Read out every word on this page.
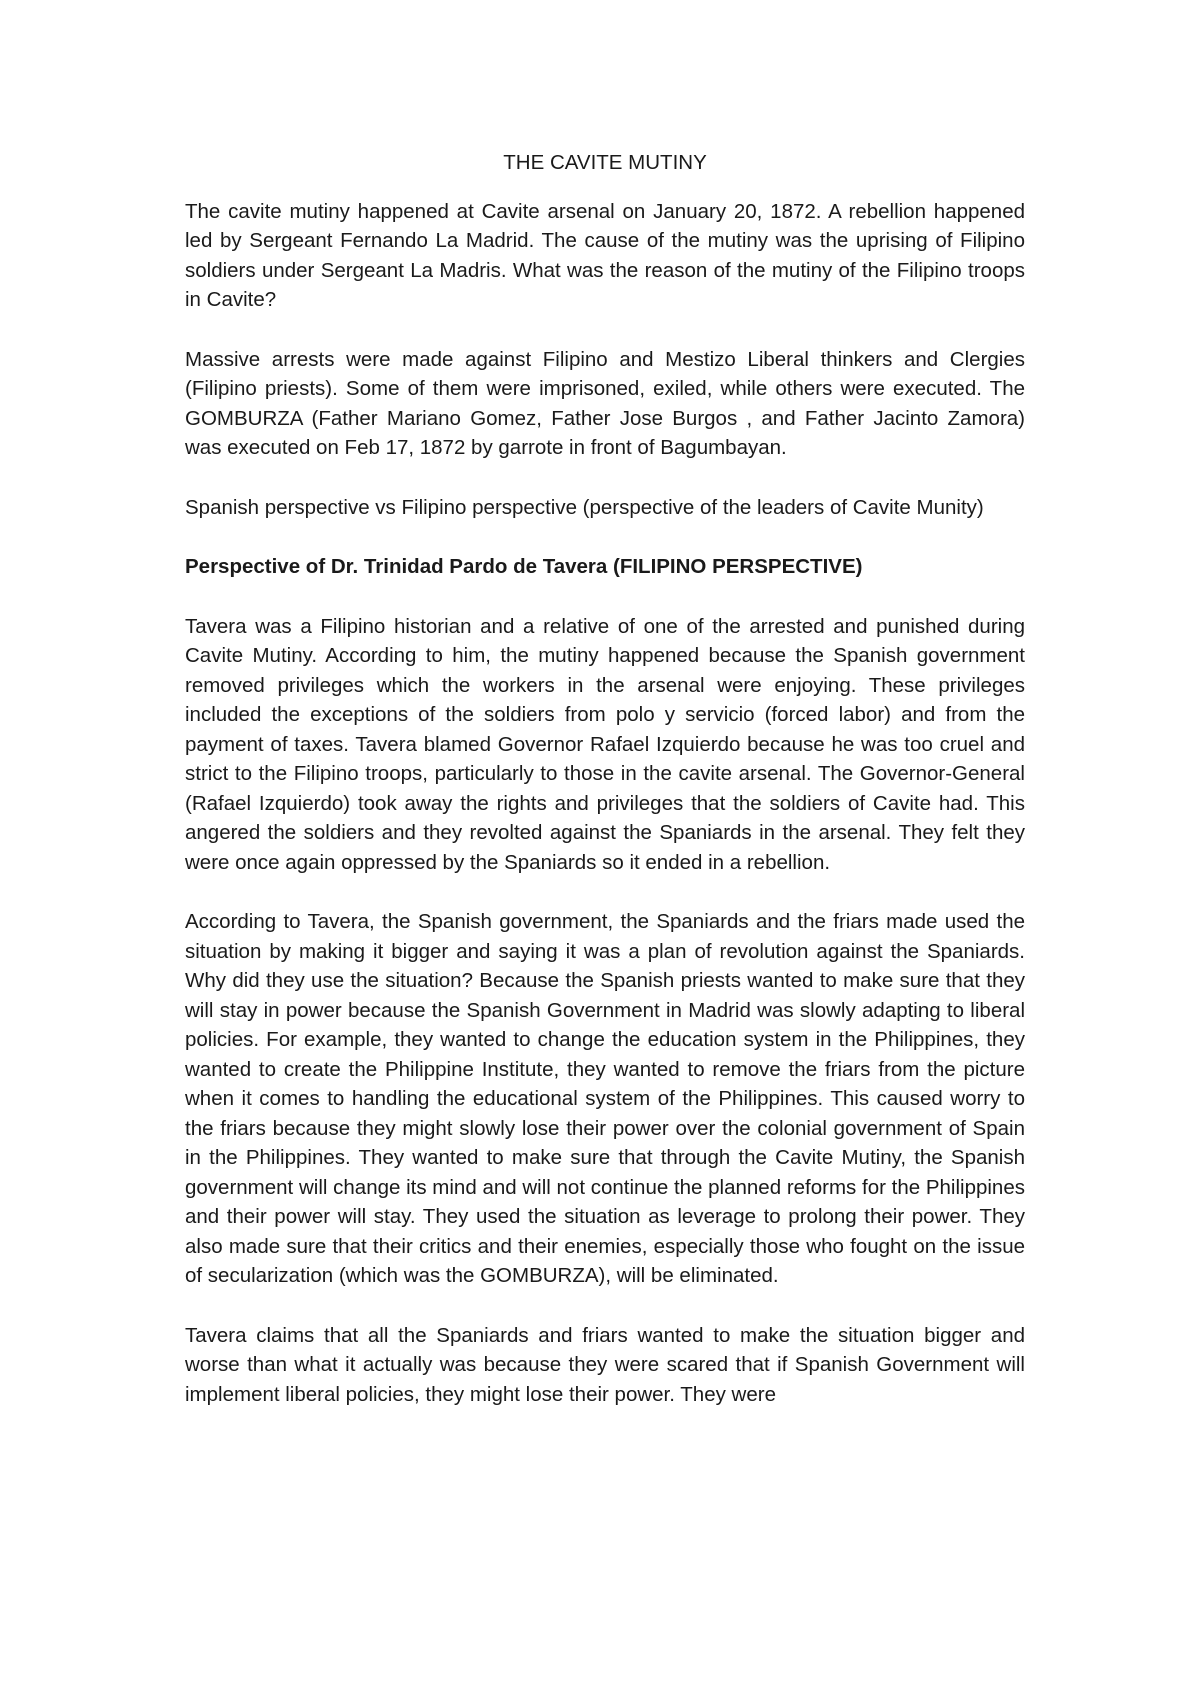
THE CAVITE MUTINY

The cavite mutiny happened at Cavite arsenal on January 20, 1872. A rebellion happened led by Sergeant Fernando La Madrid. The cause of the mutiny was the uprising of Filipino soldiers under Sergeant La Madris. What was the reason of the mutiny of the Filipino troops in Cavite?

Massive arrests were made against Filipino and Mestizo Liberal thinkers and Clergies (Filipino priests). Some of them were imprisoned, exiled, while others were executed. The GOMBURZA (Father Mariano Gomez, Father Jose Burgos , and Father Jacinto Zamora) was executed on Feb 17, 1872 by garrote in front of Bagumbayan.

Spanish perspective vs Filipino perspective (perspective of the leaders of Cavite Munity)

Perspective of Dr. Trinidad Pardo de Tavera (FILIPINO PERSPECTIVE)

Tavera was a Filipino historian and a relative of one of the arrested and punished during Cavite Mutiny. According to him, the mutiny happened because the Spanish government removed privileges which the workers in the arsenal were enjoying. These privileges included the exceptions of the soldiers from polo y servicio (forced labor) and from the payment of taxes. Tavera blamed Governor Rafael Izquierdo because he was too cruel and strict to the Filipino troops, particularly to those in the cavite arsenal. The Governor-General (Rafael Izquierdo) took away the rights and privileges that the soldiers of Cavite had. This angered the soldiers and they revolted against the Spaniards in the arsenal. They felt they were once again oppressed by the Spaniards so it ended in a rebellion.

According to Tavera, the Spanish government, the Spaniards and the friars made used the situation by making it bigger and saying it was a plan of revolution against the Spaniards. Why did they use the situation? Because the Spanish priests wanted to make sure that they will stay in power because the Spanish Government in Madrid was slowly adapting to liberal policies. For example, they wanted to change the education system in the Philippines, they wanted to create the Philippine Institute, they wanted to remove the friars from the picture when it comes to handling the educational system of the Philippines. This caused worry to the friars because they might slowly lose their power over the colonial government of Spain in the Philippines. They wanted to make sure that through the Cavite Mutiny, the Spanish government will change its mind and will not continue the planned reforms for the Philippines and their power will stay. They used the situation as leverage to prolong their power. They also made sure that their critics and their enemies, especially those who fought on the issue of secularization (which was the GOMBURZA), will be eliminated.

Tavera claims that all the Spaniards and friars wanted to make the situation bigger and worse than what it actually was because they were scared that if Spanish Government will implement liberal policies, they might lose their power. They were
